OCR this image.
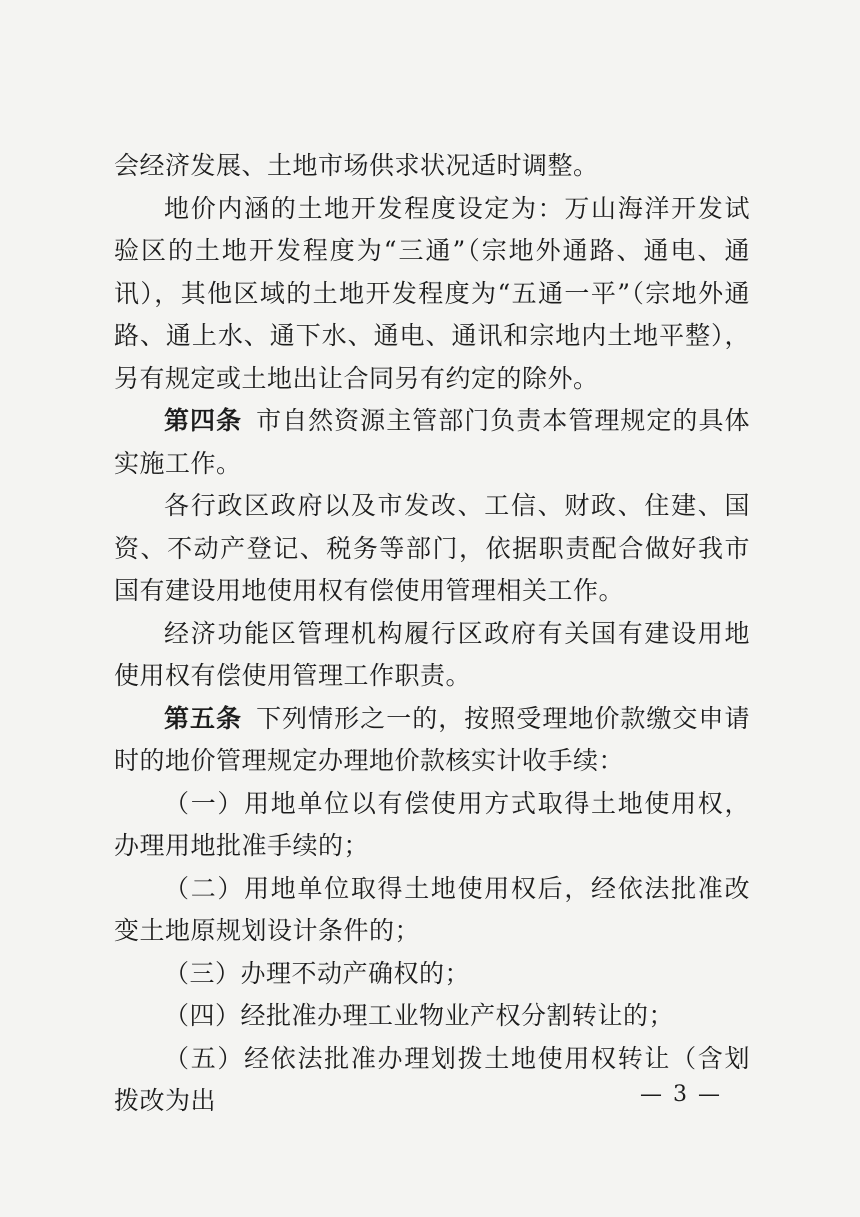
会经济发展、土地市场供求状况适时调整。

地价内涵的土地开发程度设定为：万山海洋开发试验区的土地开发程度为“三通”（宗地外通路、通电、通讯），其他区域的土地开发程度为“五通一平”（宗地外通路、通上水、通下水、通电、通讯和宗地内土地平整），另有规定或土地出让合同另有约定的除外。

第四条 市自然资源主管部门负责本管理规定的具体实施工作。

各行政区政府以及市发改、工信、财政、住建、国资、不动产登记、税务等部门，依据职责配合做好我市国有建设用地使用权有偿使用管理相关工作。

经济功能区管理机构履行区政府有关国有建设用地使用权有偿使用管理工作职责。

第五条 下列情形之一的，按照受理地价款缴交申请时的地价管理规定办理地价款核实计收手续：

（一）用地单位以有偿使用方式取得土地使用权，办理用地批准手续的；

（二）用地单位取得土地使用权后，经依法批准改变土地原规划设计条件的；

（三）办理不动产确权的；

（四）经批准办理工业物业产权分割转让的；

（五）经依法批准办理划拨土地使用权转让（含划拨改为出	— 3 —
